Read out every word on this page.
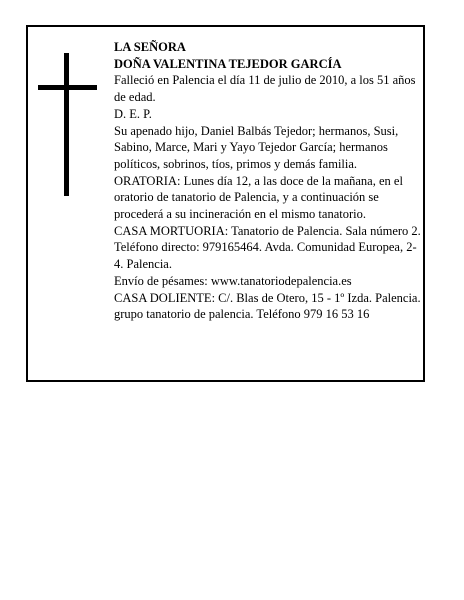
LA SEÑORA

DOÑA VALENTINA TEJEDOR GARCÍA

Falleció en Palencia el día 11 de julio de 2010, a los 51 años de edad.

D. E. P.

Su apenado hijo, Daniel Balbás Tejedor; hermanos, Susi, Sabino, Marce, Mari y Yayo Tejedor García; hermanos políticos, sobrinos, tíos, primos y demás familia.

ORATORIA: Lunes día 12, a las doce de la mañana, en el oratorio de tanatorio de Palencia, y a continuación se procederá a su incineración en el mismo tanatorio.

CASA MORTUORIA: Tanatorio de Palencia. Sala número 2. Teléfono directo: 979165464. Avda. Comunidad Europea, 2-4. Palencia.

Envío de pésames: www.tanatoriodepalencia.es

CASA DOLIENTE: C/. Blas de Otero, 15 - 1º Izda. Palencia.

grupo tanatorio de palencia. Teléfono 979 16 53 16
